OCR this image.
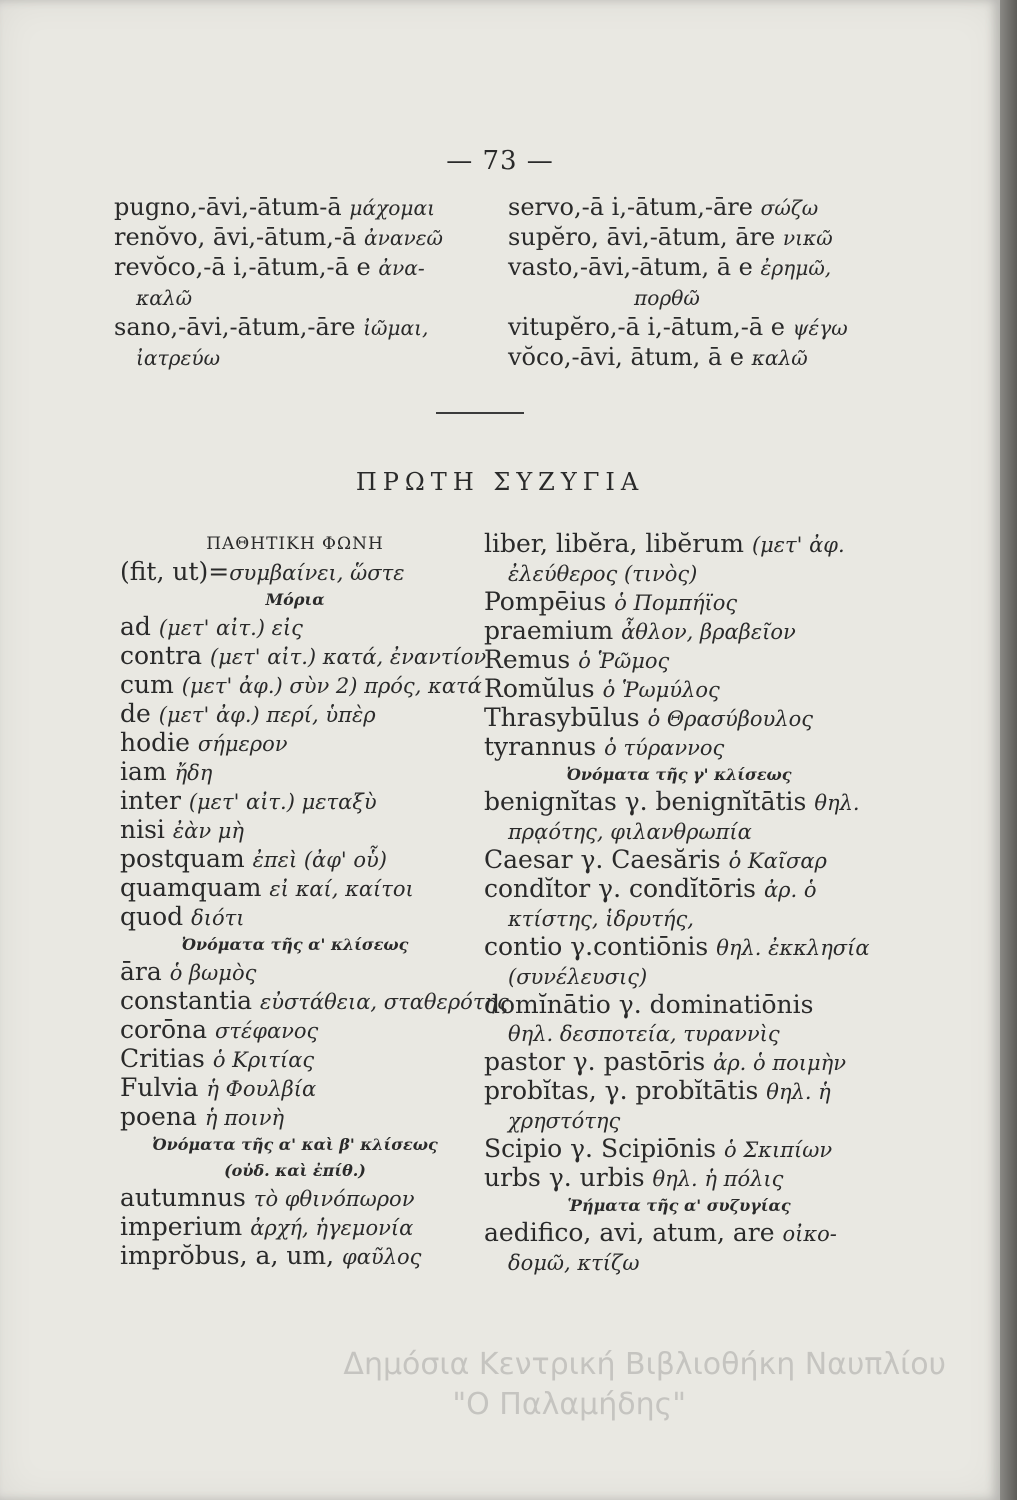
— 73 —
pugno,-āvi,-ātum-ā μάχομαι
renŏvo, āvi,-ātum,-ā ἀνανεῶ
revŏco,-ā i,-ātum,-ā e ἀνα-
καλῶ
sano,-āvi,-ātum,-āre ἰῶμαι,
ἰατρεύω
servo,-ā i,-ātum,-āre σώζω
supĕro, āvi,-ātum, āre νικῶ
vasto,-āvi,-ātum, ā e ἐρημῶ,
πορθῶ
vitupĕro,-ā i,-ātum,-ā e ψέγω
vŏco,-āvi, ātum, ā e καλῶ
ΠΡΩΤΗ ΣΥΖΥΓΙΑ
ΠΑΘΗΤΙΚΗ ΦΩΝΗ
(fit, ut)=συμβαίνει, ὥστε
Μόρια
ad (μετ' αἰτ.) εἰς
contra (μετ' αἰτ.) κατά, ἐναντίον
cum (μετ' ἀφ.) σὺν 2) πρός, κατά
de (μετ' ἀφ.) περί, ὑπὲρ
hodie σήμερον
iam ἤδη
inter (μετ' αἰτ.) μεταξὺ
nisi ἐὰν μὴ
postquam ἐπεὶ (ἀφ' οὗ)
quamquam εἰ καί, καίτοι
quod διότι
Ὀνόματα τῆς α' κλίσεως
āra ὁ βωμὸς
constantia εὐστάθεια, σταθερότης
corōna στέφανος
Critias ὁ Κριτίας
Fulvia ἡ Φουλβία
poena ἡ ποινὴ
Ὀνόματα τῆς α' καὶ β' κλίσεως
(οὐδ. καὶ ἐπίθ.)
autumnus τὸ φθινόπωρον
imperium ἀρχή, ἡγεμονία
imprŏbus, a, um, φαῦλος
liber, libĕra, libĕrum (μετ' ἀφ.
ἐλεύθερος (τινὸς)
Pompēius ὁ Πομπήϊος
praemium ἆθλον, βραβεῖον
Remus ὁ Ῥῶμος
Romŭlus ὁ Ῥωμύλος
Thrasybūlus ὁ Θρασύβουλος
tyrannus ὁ τύραννος
Ὀνόματα τῆς γ' κλίσεως
benignĭtas γ. benignĭtātis θηλ.
πρᾳότης, φιλανθρωπία
Caesar γ. Caesăris ὁ Καῖσαρ
condĭtor γ. condĭtōris ἀρ. ὁ
κτίστης, ἱδρυτής,
contio γ.contiōnis θηλ. ἐκκλησία
(συνέλευσις)
domĭnātio γ. dominatiōnis
θηλ. δεσποτεία, τυραννὶς
pastor γ. pastōris ἀρ. ὁ ποιμὴν
probĭtas, γ. probĭtātis θηλ. ἡ
χρηστότης
Scipio γ. Scipiōnis ὁ Σκιπίων
urbs γ. urbis θηλ. ἡ πόλις
Ῥήματα τῆς α' συζυγίας
aedifico, avi, atum, are οἰκο-
δομῶ, κτίζω
Δημόσια Κεντρική Βιβλιοθήκη Ναυπλίου
"Ο Παλαμήδης"
